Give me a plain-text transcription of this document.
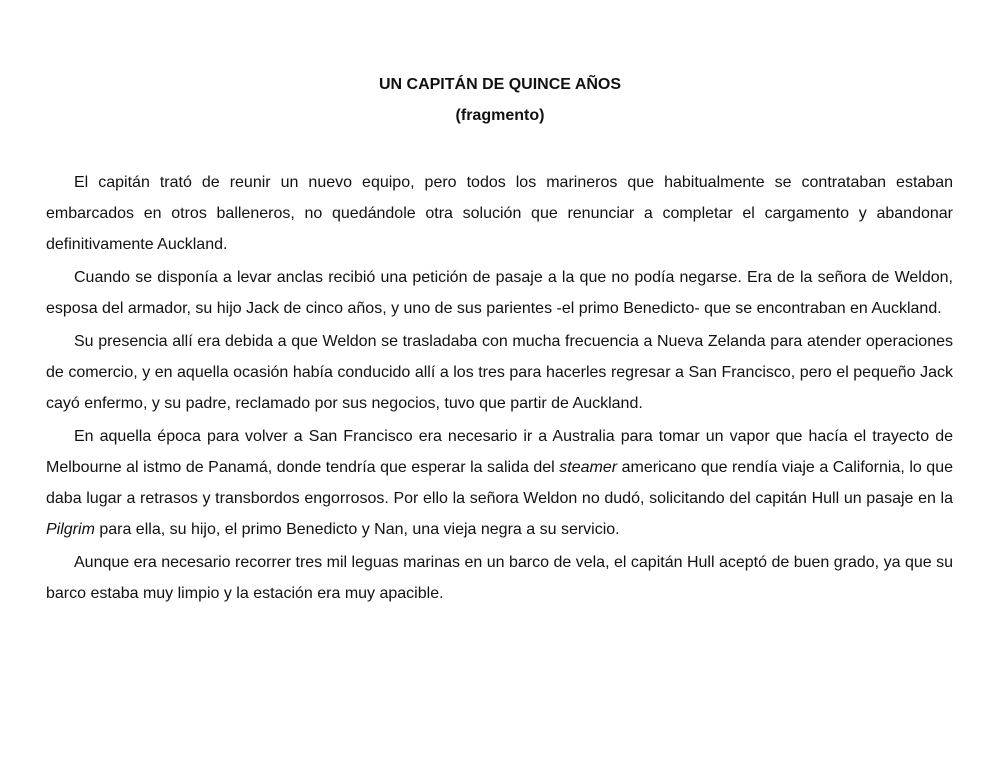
UN CAPITÁN DE QUINCE AÑOS
(fragmento)

El capitán trató de reunir un nuevo equipo, pero todos los marineros que habitualmente se contrataban estaban embarcados en otros balleneros, no quedándole otra solución que renunciar a completar el cargamento y abandonar definitivamente Auckland.

Cuando se disponía a levar anclas recibió una petición de pasaje a la que no podía negarse. Era de la señora de Weldon, esposa del armador, su hijo Jack de cinco años, y uno de sus parientes -el primo Benedicto- que se encontraban en Auckland.

Su presencia allí era debida a que Weldon se trasladaba con mucha frecuencia a Nueva Zelanda para atender operaciones de comercio, y en aquella ocasión había conducido allí a los tres para hacerles regresar a San Francisco, pero el pequeño Jack cayó enfermo, y su padre, reclamado por sus negocios, tuvo que partir de Auckland.

En aquella época para volver a San Francisco era necesario ir a Australia para tomar un vapor que hacía el trayecto de Melbourne al istmo de Panamá, donde tendría que esperar la salida del steamer americano que rendía viaje a California, lo que daba lugar a retrasos y transbordos engorrosos. Por ello la señora Weldon no dudó, solicitando del capitán Hull un pasaje en la Pilgrim para ella, su hijo, el primo Benedicto y Nan, una vieja negra a su servicio.

Aunque era necesario recorrer tres mil leguas marinas en un barco de vela, el capitán Hull aceptó de buen grado, ya que su barco estaba muy limpio y la estación era muy apacible.
